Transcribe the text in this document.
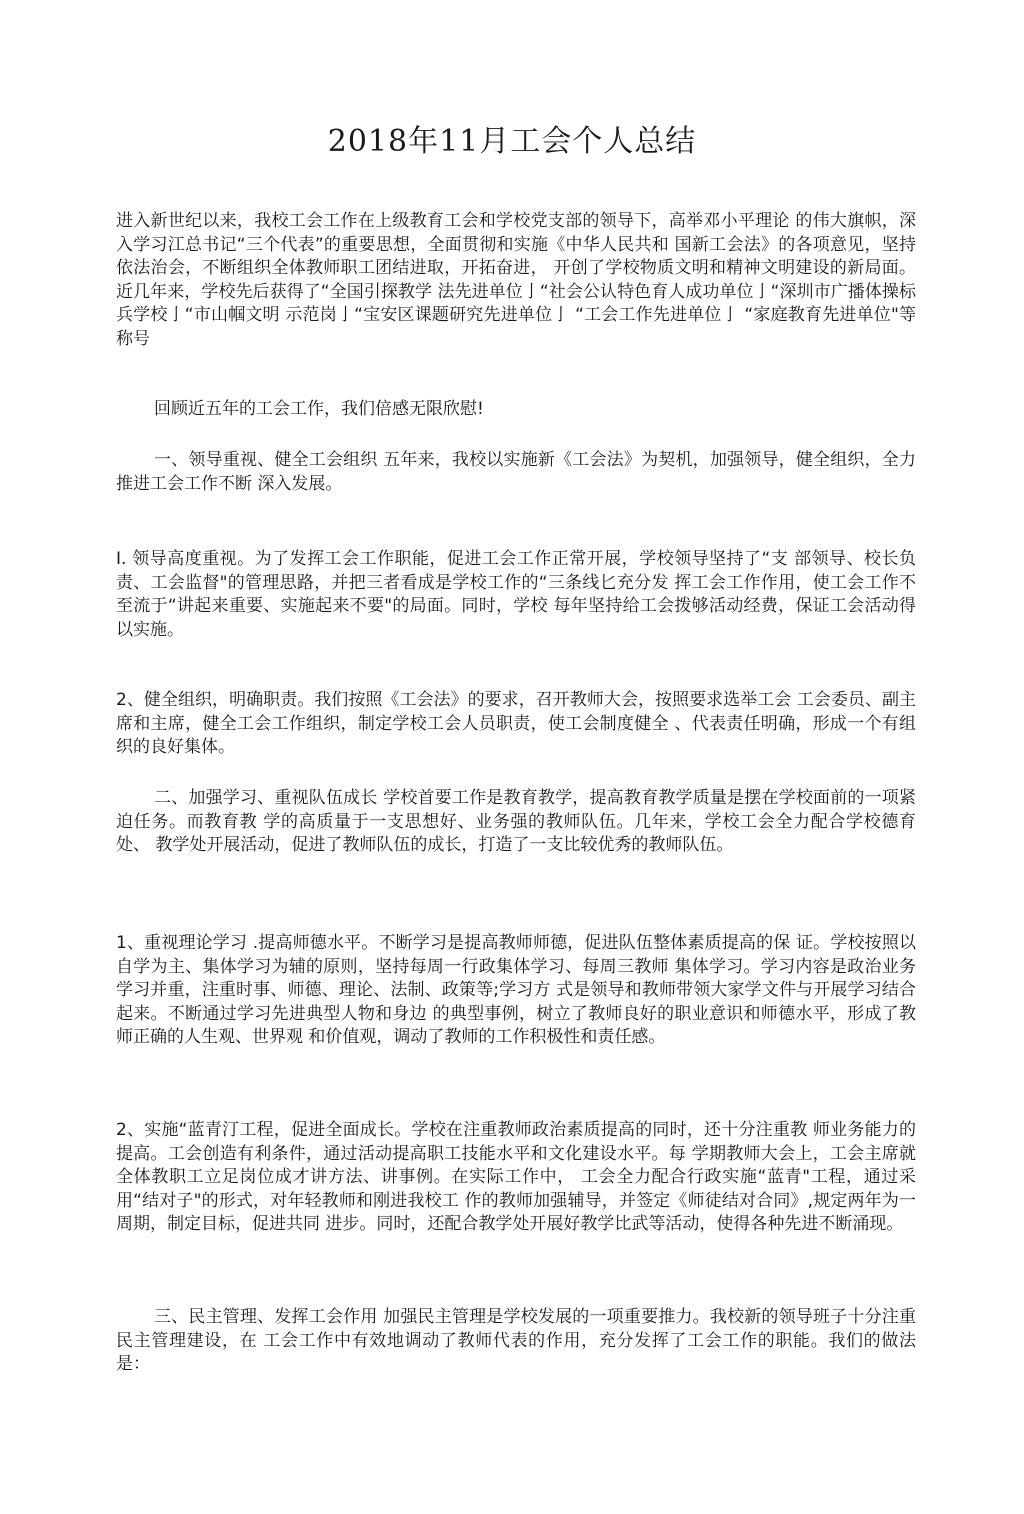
2018年11月工会个人总结

进入新世纪以来，我校工会工作在上级教育工会和学校党支部的领导下，高举邓小平理论 的伟大旗帜，深入学习江总书记“三个代表”的重要思想，全面贯彻和实施《中华人民共和 国新工会法》的各项意见，坚持依法治会，不断组织全体教师职工团结进取，开拓奋进， 开创了学校物质文明和精神文明建设的新局面。近几年来，学校先后获得了“全国引探教学 法先进单位亅“社会公认特色育人成功单位亅“深圳市广播体操标兵学校亅“市山帼文明 示范岗亅“宝安区课题研究先进单位亅 “工会工作先进单位亅 “家庭教育先进单位"等称号

回顾近五年的工会工作，我们倍感无限欣慰!

一、领导重视、健全工会组织 五年来，我校以实施新《工会法》为契机，加强领导，健全组织，全力推进工会工作不断 深入发展。

I. 领导高度重视。为了发挥工会工作职能，促进工会工作正常开展，学校领导坚持了“支 部领导、校长负责、工会监督"的管理思路，并把三者看成是学校工作的“三条线匕充分发 挥工会工作作用，使工会工作不至流于“讲起来重要、实施起来不要"的局面。同时，学校 每年坚持给工会拨够活动经费，保证工会活动得以实施。

2、健全组织，明确职责。我们按照《工会法》的要求，召开教师大会，按照要求选举工会 工会委员、副主席和主席，健全工会工作组织，制定学校工会人员职责，使工会制度健全 、代表责任明确，形成一个有组织的良好集体。

二、加强学习、重视队伍成长 学校首要工作是教育教学，提高教育教学质量是摆在学校面前的一项紧迫任务。而教育教 学的高质量于一支思想好、业务强的教师队伍。几年来，学校工会全力配合学校德育处、 教学处开展活动，促进了教师队伍的成长，打造了一支比较优秀的教师队伍。

1、重视理论学习 .提高师德水平。不断学习是提高教师师德，促进队伍整体素质提高的保 证。学校按照以自学为主、集体学习为辅的原则，坚持每周一行政集体学习、每周三教师 集体学习。学习内容是政治业务学习并重，注重时事、师德、理论、法制、政策等;学习方 式是领导和教师带领大家学文件与开展学习结合起来。不断通过学习先进典型人物和身边 的典型事例，树立了教师良好的职业意识和师德水平，形成了教师正确的人生观、世界观 和价值观，调动了教师的工作积极性和责任感。

2、实施“蓝青汀工程，促进全面成长。学校在注重教师政治素质提高的同时，还十分注重教 师业务能力的提高。工会创造有利条件，通过活动提高职工技能水平和文化建设水平。每 学期教师大会上，工会主席就全体教职工立足岗位成才讲方法、讲事例。在实际工作中， 工会全力配合行政实施“蓝青"工程，通过采用“结对子"的形式，对年轻教师和刚进我校工 作的教师加强辅导，并签定《师徒结对合同》,规定两年为一周期，制定目标，促进共同 进步。同时，还配合教学处开展好教学比武等活动，使得各种先进不断涌现。

三、民主管理、发挥工会作用 加强民主管理是学校发展的一项重要推力。我校新的领导班子十分注重民主管理建设，在 工会工作中有效地调动了教师代表的作用，充分发挥了工会工作的职能。我们的做法是：
